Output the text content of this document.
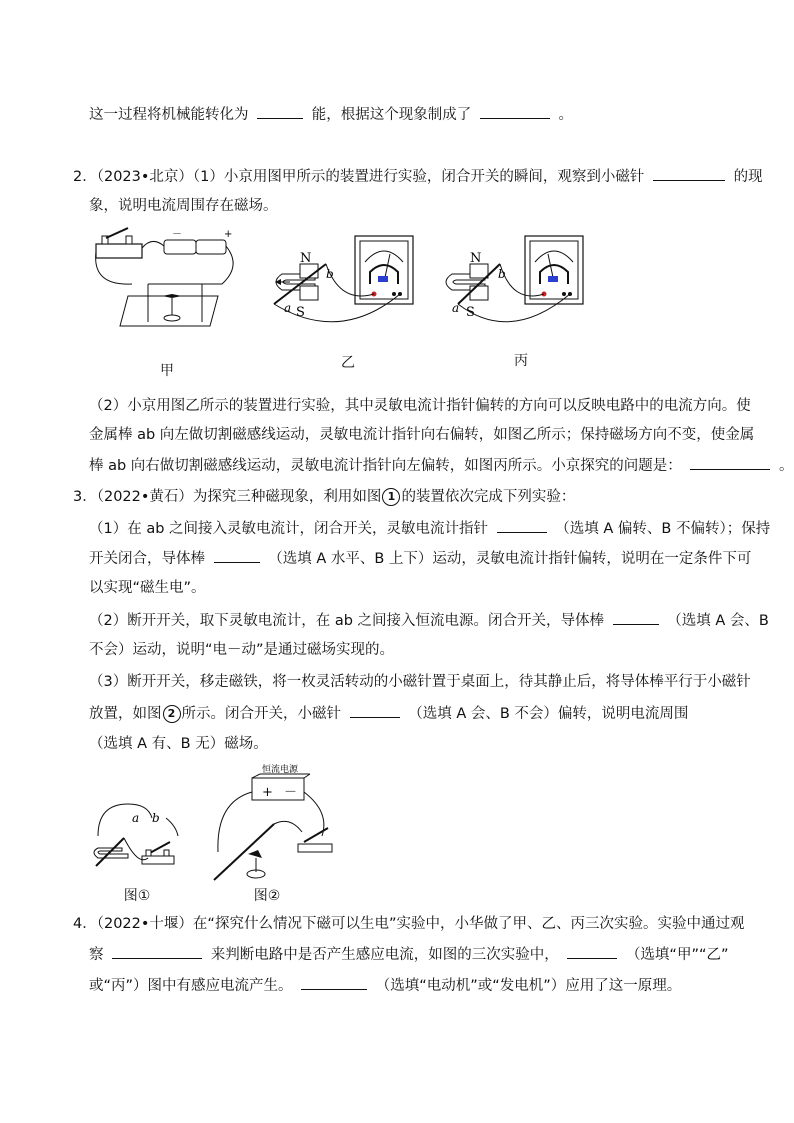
这一过程将机械能转化为	能，根据这个现象制成了	。
2．（2023•北京）（1）小京用图甲所示的装置进行实验，闭合开关的瞬间，观察到小磁针	的现
象，说明电流周围存在磁场。
－	+
甲
N
S
a
b
乙
N
S
a
b
丙
（2）小京用图乙所示的装置进行实验，其中灵敏电流计指针偏转的方向可以反映电路中的电流方向。使
金属棒 ab 向左做切割磁感线运动，灵敏电流计指针向右偏转，如图乙所示；保持磁场方向不变，使金属
棒 ab 向右做切割磁感线运动，灵敏电流计指针向左偏转，如图丙所示。小京探究的问题是：	。
3．（2022•黄石）为探究三种磁现象，利用如图 1 的装置依次完成下列实验：
（1）在 ab 之间接入灵敏电流计，闭合开关，灵敏电流计指针	（选填 A 偏转、B 不偏转）；保持
开关闭合，导体棒	（选填 A 水平、B 上下）运动，灵敏电流计指针偏转，说明在一定条件下可
以实现“磁生电”。
（2）断开开关，取下灵敏电流计，在 ab 之间接入恒流电源。闭合开关，导体棒	（选填 A 会、B
不会）运动，说明“电－动”是通过磁场实现的。
（3）断开开关，移走磁铁，将一枚灵活转动的小磁针置于桌面上，待其静止后，将导体棒平行于小磁针
放置，如图 2 所示。闭合开关，小磁针	（选填 A 会、B 不会）偏转，说明电流周围
（选填 A 有、B 无）磁场。
a b
图①
恒流电源
+ －
图②
4．（2022•十堰）在“探究什么情况下磁可以生电”实验中，小华做了甲、乙、丙三次实验。实验中通过观
察	来判断电路中是否产生感应电流，如图的三次实验中，	（选填“甲”“乙”
或“丙”）图中有感应电流产生。	（选填“电动机”或“发电机”）应用了这一原理。
